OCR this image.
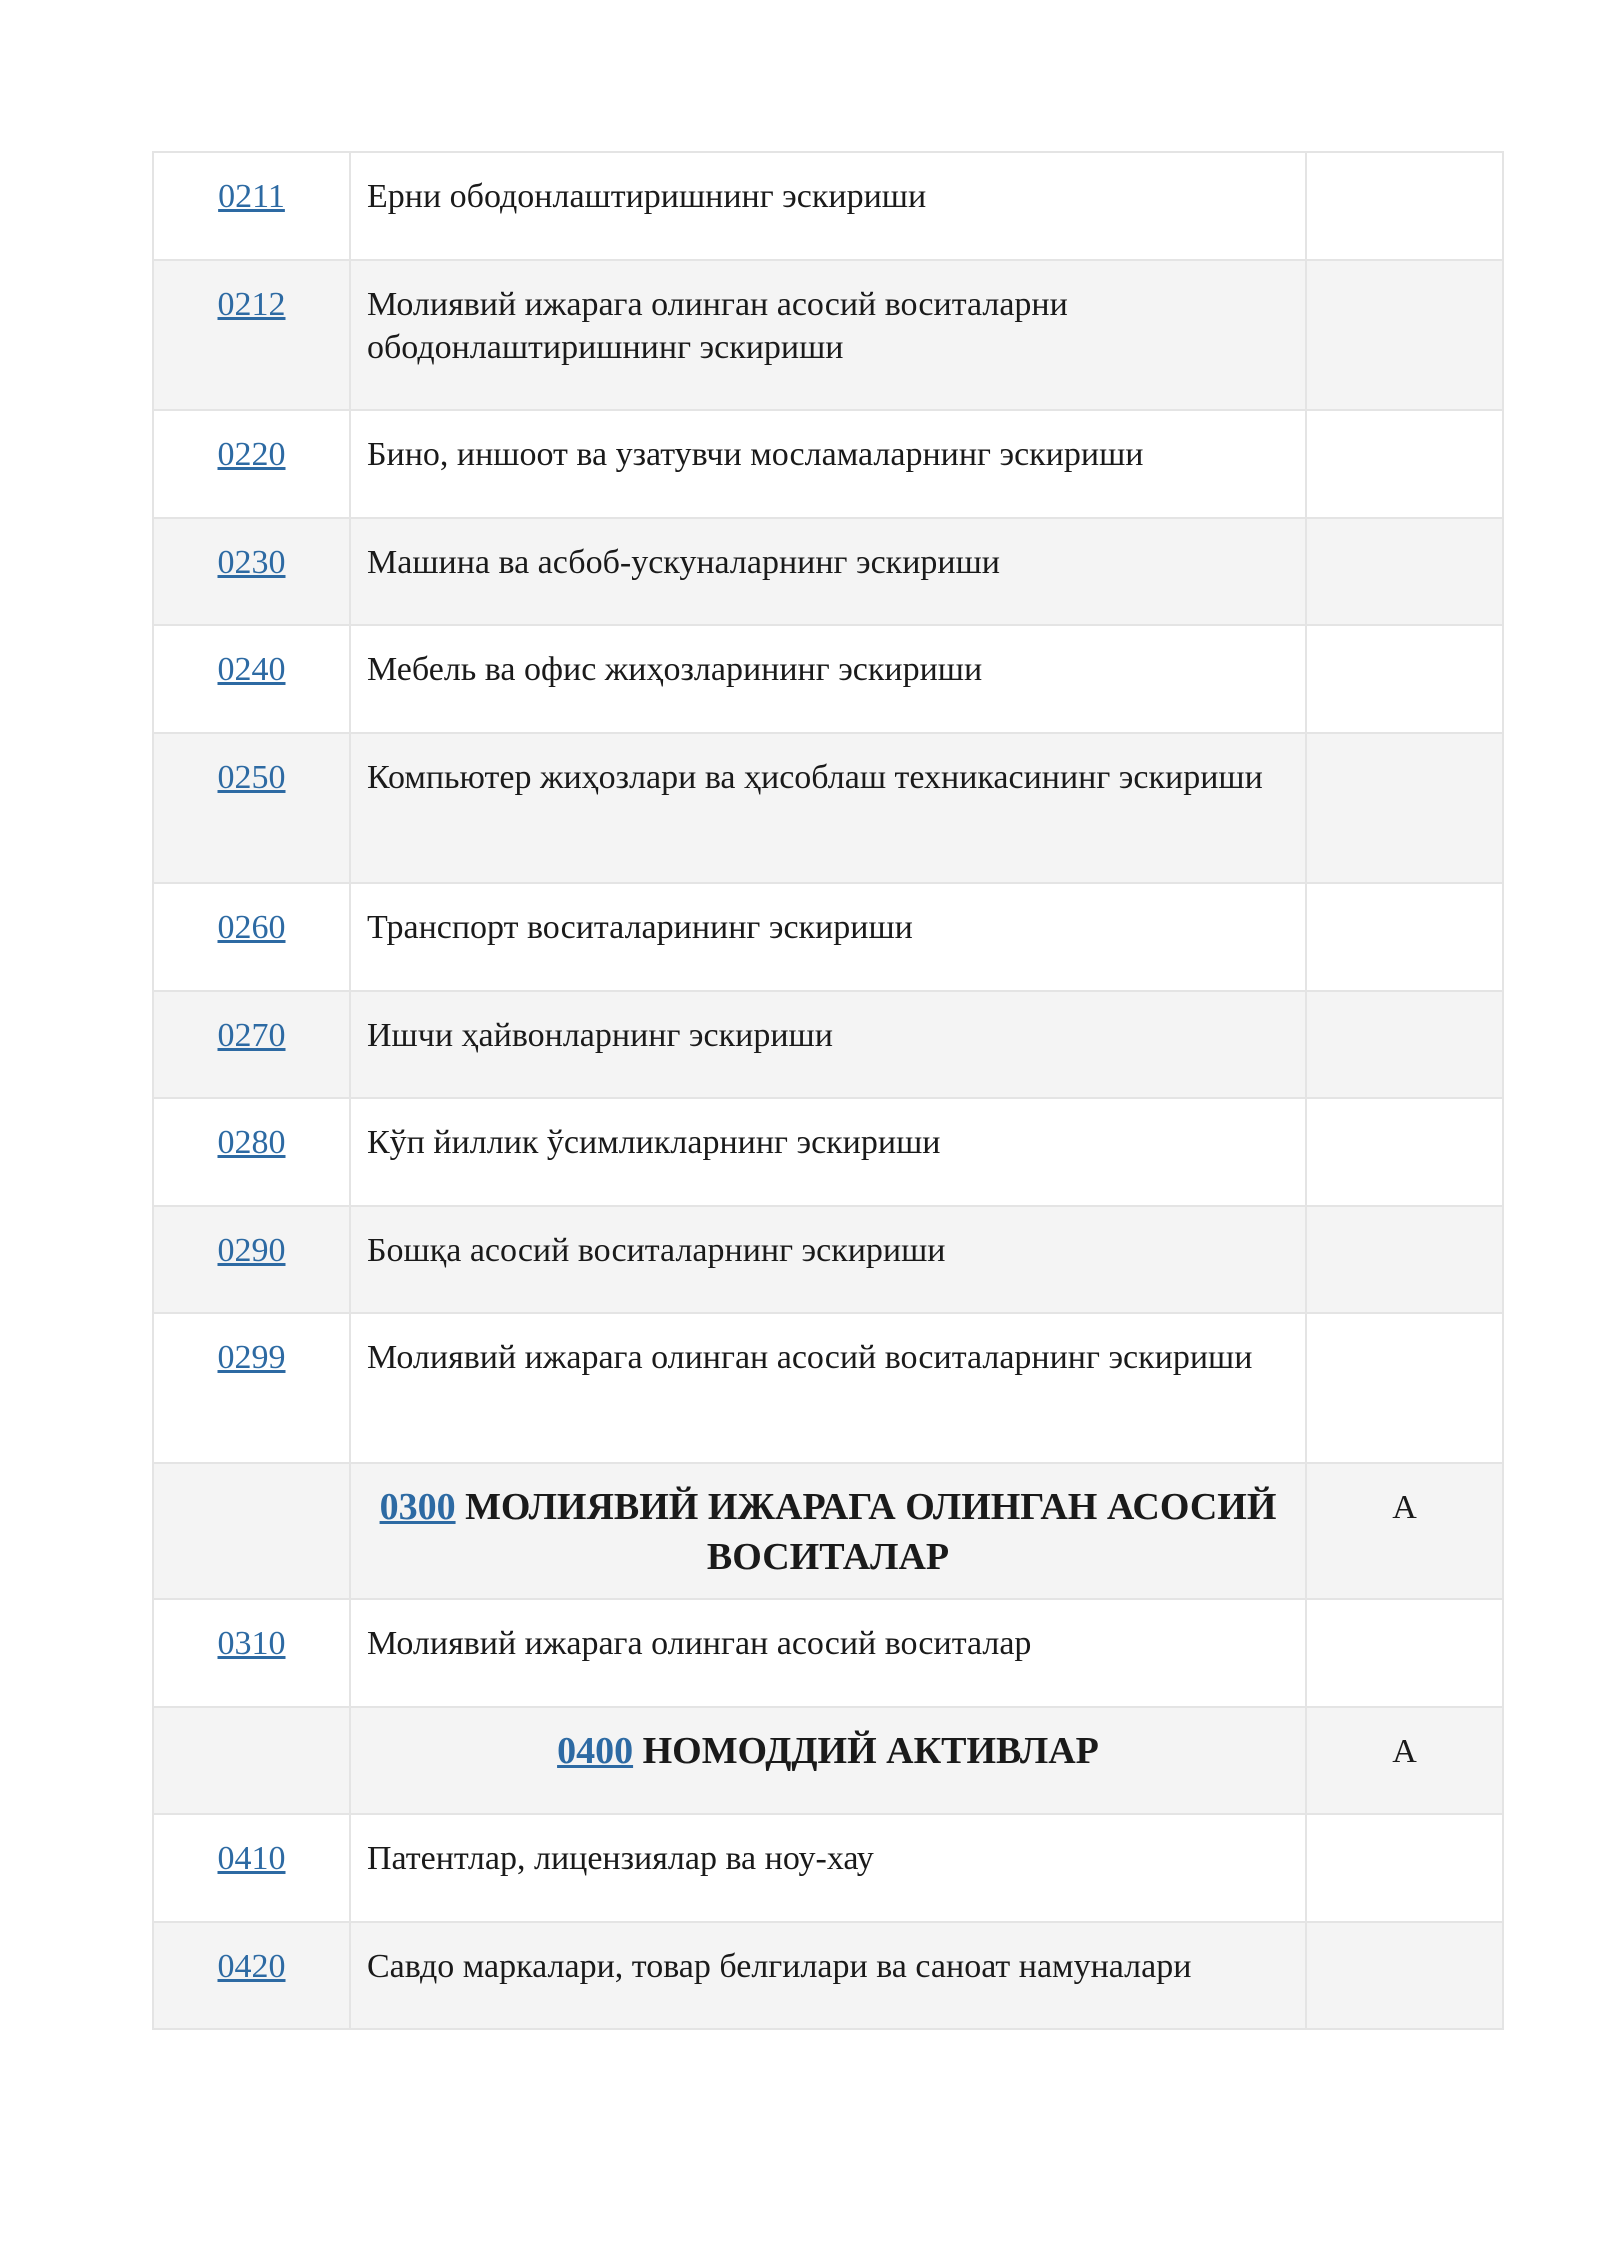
0211	Ерни ободонлаштиришнинг эскириши	
0212	Молиявий ижарага олинган асосий воситаларни ободонлаштиришнинг эскириши	
0220	Бино, иншоот ва узатувчи мосламаларнинг эскириши	
0230	Машина ва асбоб-ускуналарнинг эскириши	
0240	Мебель ва офис жиҳозларининг эскириши	
0250	Компьютер жиҳозлари ва ҳисоблаш техникасининг эскириши	
0260	Транспорт воситаларининг эскириши	
0270	Ишчи ҳайвонларнинг эскириши	
0280	Кўп йиллик ўсимликларнинг эскириши	
0290	Бошқа асосий воситаларнинг эскириши	
0299	Молиявий ижарага олинган асосий воситаларнинг эскириши	
	0300 МОЛИЯВИЙ ИЖАРАГА ОЛИНГАН АСОСИЙ ВОСИТАЛАР	А
0310	Молиявий ижарага олинган асосий воситалар	
	0400 НОМОДДИЙ АКТИВЛАР	А
0410	Патентлар, лицензиялар ва ноу-хау	
0420	Савдо маркалари, товар белгилари ва саноат намуналари	
